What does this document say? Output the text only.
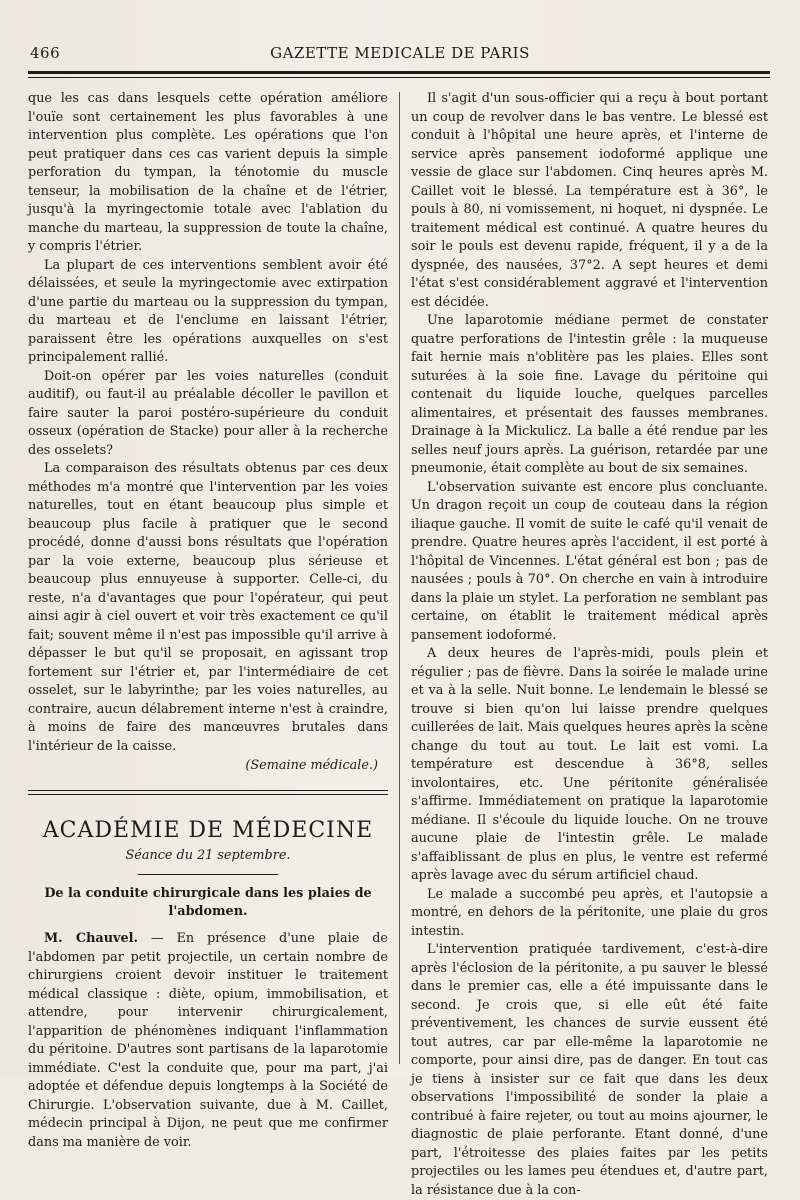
466	GAZETTE MEDICALE DE PARIS

que les cas dans lesquels cette opération améliore l'ouïe sont certainement les plus favorables à une intervention plus complète. Les opérations que l'on peut pratiquer dans ces cas varient depuis la simple perforation du tympan, la ténotomie du muscle tenseur, la mobilisation de la chaîne et de l'étrier, jusqu'à la myringectomie totale avec l'ablation du manche du marteau, la suppression de toute la chaîne, y compris l'étrier.

La plupart de ces interventions semblent avoir été délaissées, et seule la myringectomie avec extirpation d'une partie du marteau ou la suppression du tympan, du marteau et de l'enclume en laissant l'étrier, paraissent être les opérations auxquelles on s'est principalement rallié.

Doit-on opérer par les voies naturelles (conduit auditif), ou faut-il au préalable décoller le pavillon et faire sauter la paroi postéro-supérieure du conduit osseux (opération de Stacke) pour aller à la recherche des osselets?

La comparaison des résultats obtenus par ces deux méthodes m'a montré que l'intervention par les voies naturelles, tout en étant beaucoup plus simple et beaucoup plus facile à pratiquer que le second procédé, donne d'aussi bons résultats que l'opération par la voie externe, beaucoup plus sérieuse et beaucoup plus ennuyeuse à supporter. Celle-ci, du reste, n'a d'avantages que pour l'opérateur, qui peut ainsi agir à ciel ouvert et voir très exactement ce qu'il fait; souvent même il n'est pas impossible qu'il arrive à dépasser le but qu'il se proposait, en agissant trop fortement sur l'étrier et, par l'intermédiaire de cet osselet, sur le labyrinthe; par les voies naturelles, au contraire, aucun délabrement interne n'est à craindre, à moins de faire des manœuvres brutales dans l'intérieur de la caisse.

(Semaine médicale.)
ACADÉMIE DE MÉDECINE
Séance du 21 septembre.
De la conduite chirurgicale dans les plaies de l'abdomen.

M. Chauvel. — En présence d'une plaie de l'abdomen par petit projectile, un certain nombre de chirurgiens croient devoir instituer le traitement médical classique : diète, opium, immobilisation, et attendre, pour intervenir chirurgicalement, l'apparition de phénomènes indiquant l'inflammation du péritoine. D'autres sont partisans de la laparotomie immédiate. C'est la conduite que, pour ma part, j'ai adoptée et défendue depuis longtemps à la Société de Chirurgie. L'observation suivante, due à M. Caillet, médecin principal à Dijon, ne peut que me confirmer dans ma manière de voir.

Il s'agit d'un sous-officier qui a reçu à bout portant un coup de revolver dans le bas ventre. Le blessé est conduit à l'hôpital une heure après, et l'interne de service après pansement iodoformé applique une vessie de glace sur l'abdomen. Cinq heures après M. Caillet voit le blessé. La température est à 36°, le pouls à 80, ni vomissement, ni hoquet, ni dyspnée. Le traitement médical est continué. A quatre heures du soir le pouls est devenu rapide, fréquent, il y a de la dyspnée, des nausées, 37°2. A sept heures et demi l'état s'est considérablement aggravé et l'intervention est décidée.

Une laparotomie médiane permet de constater quatre perforations de l'intestin grêle : la muqueuse fait hernie mais n'oblitère pas les plaies. Elles sont suturées à la soie fine. Lavage du péritoine qui contenait du liquide louche, quelques parcelles alimentaires, et présentait des fausses membranes. Drainage à la Mickulicz. La balle a été rendue par les selles neuf jours après. La guérison, retardée par une pneumonie, était complète au bout de six semaines.

L'observation suivante est encore plus concluante. Un dragon reçoit un coup de couteau dans la région iliaque gauche. Il vomit de suite le café qu'il venait de prendre. Quatre heures après l'accident, il est porté à l'hôpital de Vincennes. L'état général est bon ; pas de nausées ; pouls à 70°. On cherche en vain à introduire dans la plaie un stylet. La perforation ne semblant pas certaine, on établit le traitement médical après pansement iodoformé.

A deux heures de l'après-midi, pouls plein et régulier ; pas de fièvre. Dans la soirée le malade urine et va à la selle. Nuit bonne. Le lendemain le blessé se trouve si bien qu'on lui laisse prendre quelques cuillerées de lait. Mais quelques heures après la scène change du tout au tout. Le lait est vomi. La température est descendue à 36°8, selles involontaires, etc. Une péritonite généralisée s'affirme. Immédiatement on pratique la laparotomie médiane. Il s'écoule du liquide louche. On ne trouve aucune plaie de l'intestin grêle. Le malade s'affaiblissant de plus en plus, le ventre est refermé après lavage avec du sérum artificiel chaud.

Le malade a succombé peu après, et l'autopsie a montré, en dehors de la péritonite, une plaie du gros intestin.

L'intervention pratiquée tardivement, c'est-à-dire après l'éclosion de la péritonite, a pu sauver le blessé dans le premier cas, elle a été impuissante dans le second. Je crois que, si elle eût été faite préventivement, les chances de survie eussent été tout autres, car par elle-même la laparotomie ne comporte, pour ainsi dire, pas de danger. En tout cas je tiens à insister sur ce fait que dans les deux observations l'impossibilité de sonder la plaie a contribué à faire rejeter, ou tout au moins ajourner, le diagnostic de plaie perforante. Etant donné, d'une part, l'étroitesse des plaies faites par les petits projectiles ou les lames peu étendues et, d'autre part, la résistance due à la con-
